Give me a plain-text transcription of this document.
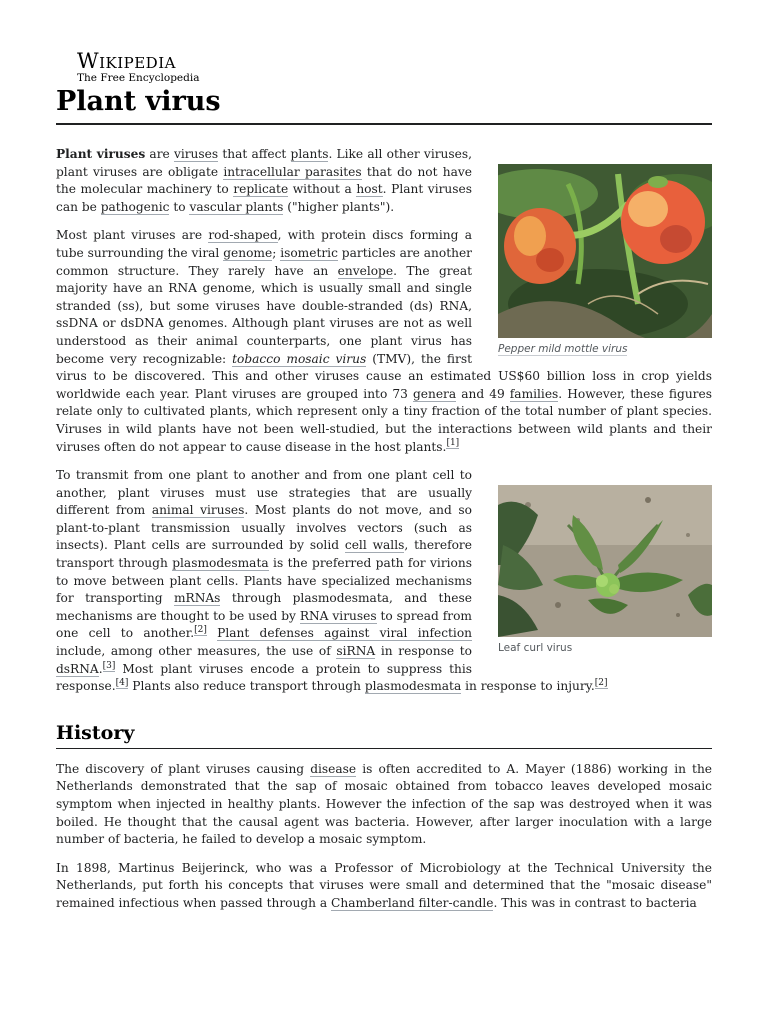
Wikipedia
The Free Encyclopedia
Plant virus
Pepper mild mottle virus

Plant viruses are viruses that affect plants. Like all other viruses, plant viruses are obligate intracellular parasites that do not have the molecular machinery to replicate without a host. Plant viruses can be pathogenic to vascular plants ("higher plants").

Most plant viruses are rod-shaped, with protein discs forming a tube surrounding the viral genome; isometric particles are another common structure. They rarely have an envelope. The great majority have an RNA genome, which is usually small and single stranded (ss), but some viruses have double-stranded (ds) RNA, ssDNA or dsDNA genomes. Although plant viruses are not as well understood as their animal counterparts, one plant virus has become very recognizable: tobacco mosaic virus (TMV), the first virus to be discovered. This and other viruses cause an estimated US$60 billion loss in crop yields worldwide each year. Plant viruses are grouped into 73 genera and 49 families. However, these figures relate only to cultivated plants, which represent only a tiny fraction of the total number of plant species. Viruses in wild plants have not been well-studied, but the interactions between wild plants and their viruses often do not appear to cause disease in the host plants.[1]

Leaf curl virus

To transmit from one plant to another and from one plant cell to another, plant viruses must use strategies that are usually different from animal viruses. Most plants do not move, and so plant-to-plant transmission usually involves vectors (such as insects). Plant cells are surrounded by solid cell walls, therefore transport through plasmodesmata is the preferred path for virions to move between plant cells. Plants have specialized mechanisms for transporting mRNAs through plasmodesmata, and these mechanisms are thought to be used by RNA viruses to spread from one cell to another.[2] Plant defenses against viral infection include, among other measures, the use of siRNA in response to dsRNA.[3] Most plant viruses encode a protein to suppress this response.[4] Plants also reduce transport through plasmodesmata in response to injury.[2]

History

The discovery of plant viruses causing disease is often accredited to A. Mayer (1886) working in the Netherlands demonstrated that the sap of mosaic obtained from tobacco leaves developed mosaic symptom when injected in healthy plants. However the infection of the sap was destroyed when it was boiled. He thought that the causal agent was bacteria. However, after larger inoculation with a large number of bacteria, he failed to develop a mosaic symptom.

In 1898, Martinus Beijerinck, who was a Professor of Microbiology at the Technical University the Netherlands, put forth his concepts that viruses were small and determined that the "mosaic disease" remained infectious when passed through a Chamberland filter-candle. This was in contrast to bacteria
